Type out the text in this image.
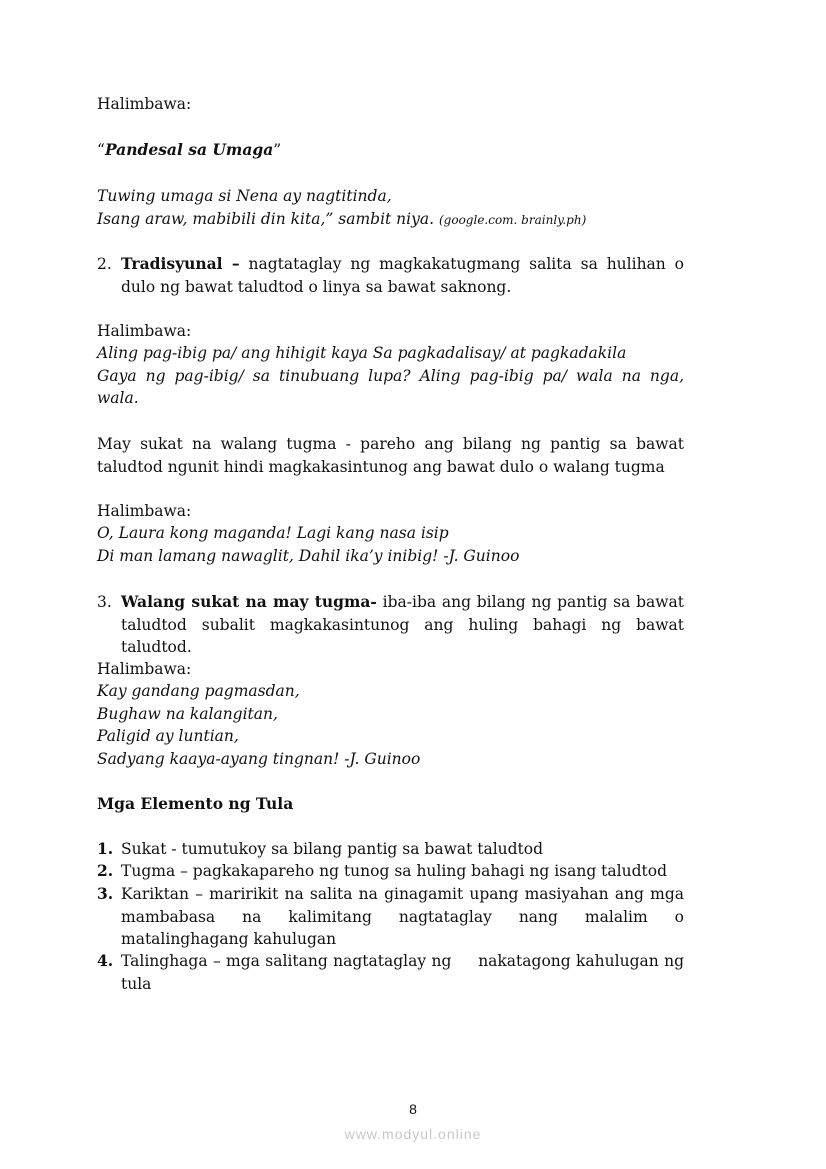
Halimbawa:
“Pandesal sa Umaga”
Tuwing umaga si Nena ay nagtitinda,
Isang araw, mabibili din kita,” sambit niya. (google.com. brainly.ph)
2. Tradisyunal – nagtataglay ng magkakatugmang salita sa hulihan o dulo ng bawat taludtod o linya sa bawat saknong.
Halimbawa:
Aling pag-ibig pa/ ang hihigit kaya Sa pagkadalisay/ at pagkadakila
Gaya ng pag-ibig/ sa tinubuang lupa? Aling pag-ibig pa/ wala na nga, wala.
May sukat na walang tugma - pareho ang bilang ng pantig sa bawat taludtod ngunit hindi magkakasintunog ang bawat dulo o walang tugma
Halimbawa:
O, Laura kong maganda! Lagi kang nasa isip
Di man lamang nawaglit, Dahil ika’y inibig! -J. Guinoo
3. Walang sukat na may tugma- iba-iba ang bilang ng pantig sa bawat taludtod subalit magkakasintunog ang huling bahagi ng bawat taludtod.
Halimbawa:
Kay gandang pagmasdan,
Bughaw na kalangitan,
Paligid ay luntian,
Sadyang kaaya-ayang tingnan! -J. Guinoo
Mga Elemento ng Tula
1. Sukat - tumutukoy sa bilang pantig sa bawat taludtod
2. Tugma – pagkakapareho ng tunog sa huling bahagi ng isang taludtod
3. Kariktan – maririkit na salita na ginagamit upang masiyahan ang mga mambabasa na kalimitang nagtataglay nang malalim o matalinghagang kahulugan
4. Talinghaga – mga salitang nagtataglay ng     nakatagong kahulugan ng tula
8
www.modyul.online
